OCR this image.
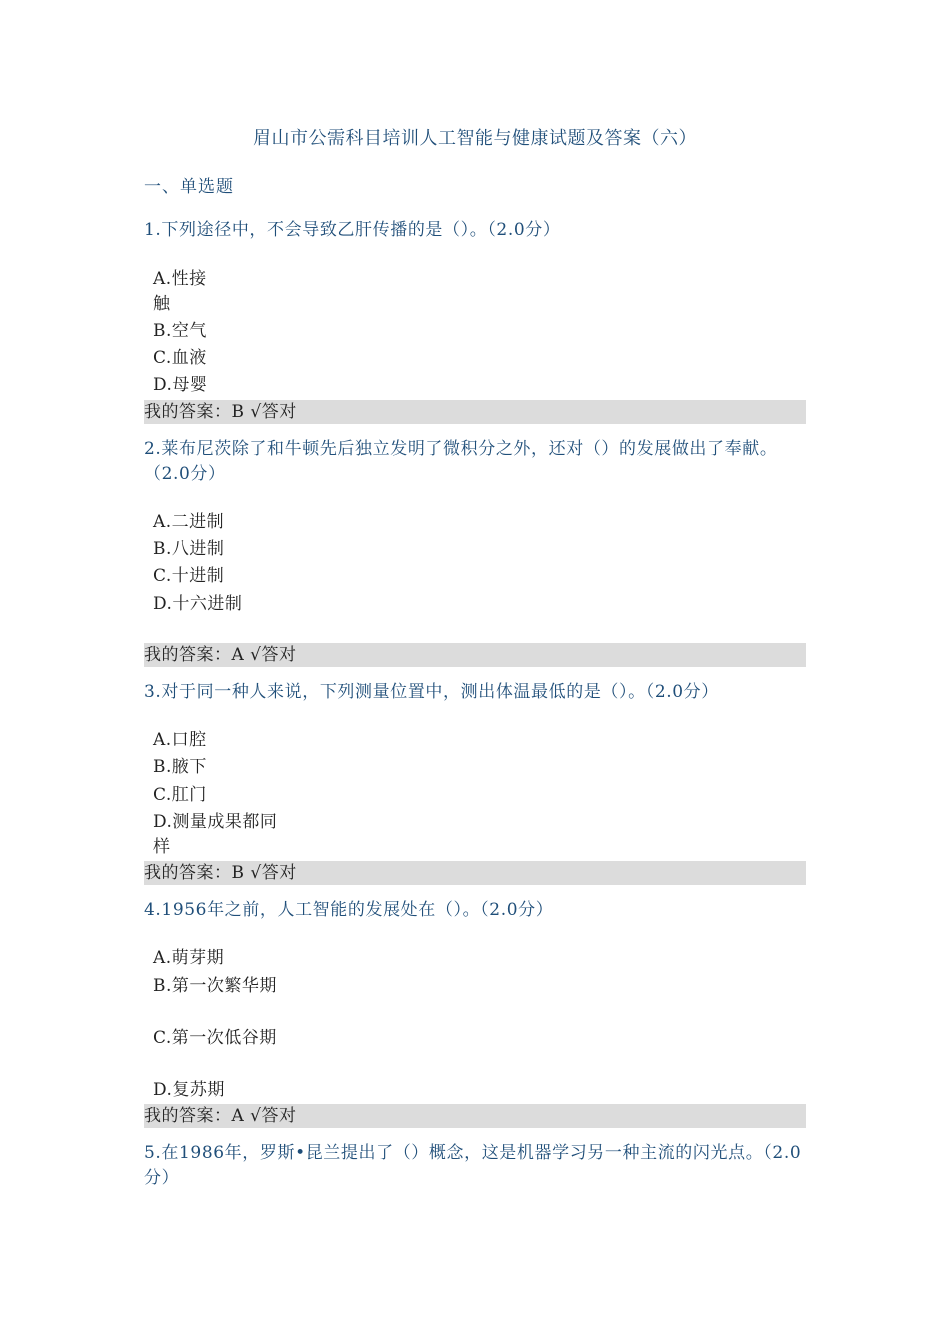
眉山市公需科目培训人工智能与健康试题及答案（六）
一、单选题
1.下列途径中，不会导致乙肝传播的是（）。（2.0分）
A.性接触
B.空气
C.血液
D.母婴
我的答案：B √答对
2.莱布尼茨除了和牛顿先后独立发明了微积分之外，还对（）的发展做出了奉献。（2.0分）
A.二进制
B.八进制
C.十进制
D.十六进制
我的答案：A √答对
3.对于同一种人来说，下列测量位置中，测出体温最低的是（）。（2.0分）
A.口腔
B.腋下
C.肛门
D.测量成果都同样
我的答案：B √答对
4.1956年之前，人工智能的发展处在（）。（2.0分）
A.萌芽期
B.第一次繁华期
C.第一次低谷期
D.复苏期
我的答案：A √答对
5.在1986年，罗斯•昆兰提出了（）概念，这是机器学习另一种主流的闪光点。（2.0分）
